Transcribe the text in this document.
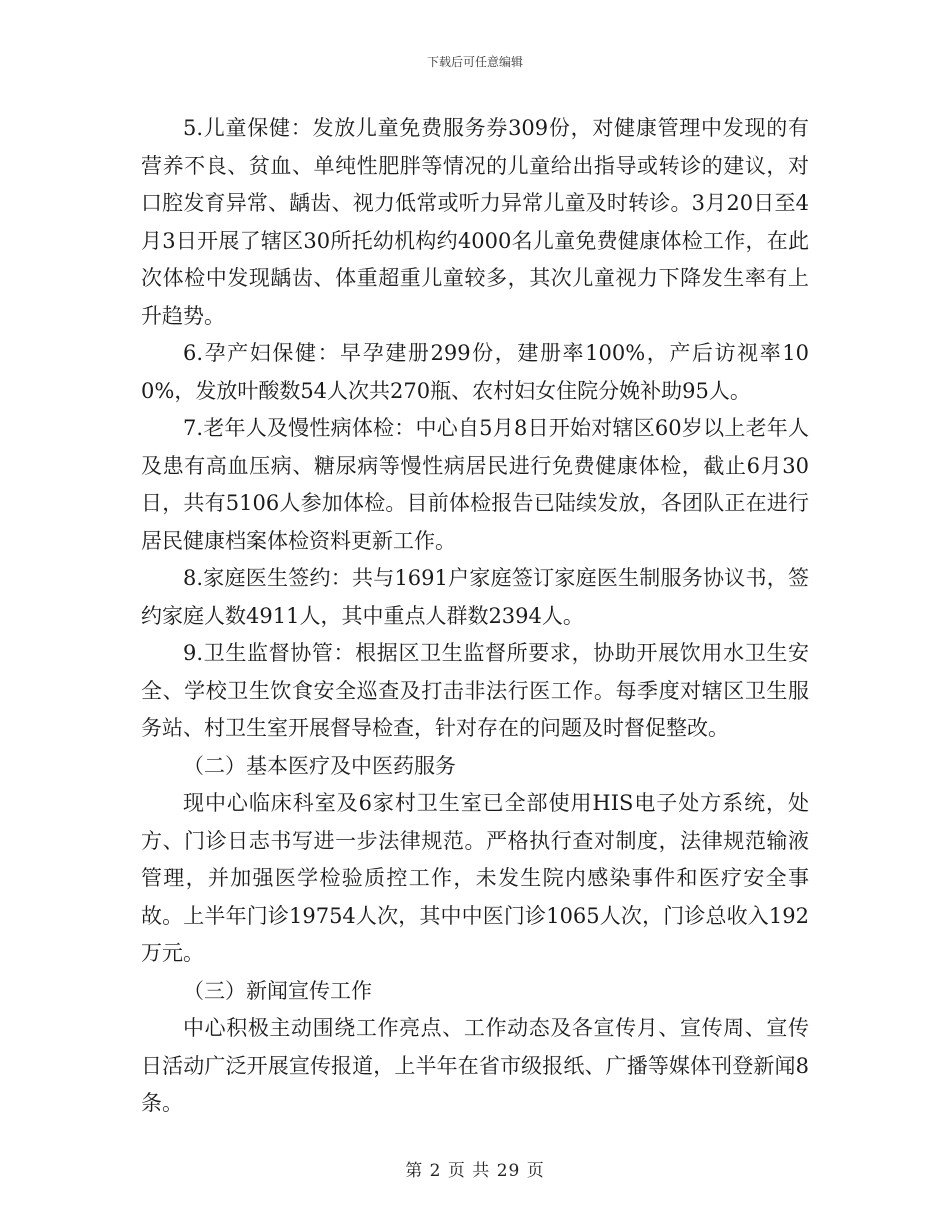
下载后可任意编辑

5.儿童保健：发放儿童免费服务券309份，对健康管理中发现的有营养不良、贫血、单纯性肥胖等情况的儿童给出指导或转诊的建议，对口腔发育异常、龋齿、视力低常或听力异常儿童及时转诊。3月20日至4月3日开展了辖区30所托幼机构约4000名儿童免费健康体检工作，在此次体检中发现龋齿、体重超重儿童较多，其次儿童视力下降发生率有上升趋势。

6.孕产妇保健：早孕建册299份，建册率100%，产后访视率100%，发放叶酸数54人次共270瓶、农村妇女住院分娩补助95人。

7.老年人及慢性病体检：中心自5月8日开始对辖区60岁以上老年人及患有高血压病、糖尿病等慢性病居民进行免费健康体检，截止6月30日，共有5106人参加体检。目前体检报告已陆续发放，各团队正在进行居民健康档案体检资料更新工作。

8.家庭医生签约：共与1691户家庭签订家庭医生制服务协议书，签约家庭人数4911人，其中重点人群数2394人。

9.卫生监督协管：根据区卫生监督所要求，协助开展饮用水卫生安全、学校卫生饮食安全巡查及打击非法行医工作。每季度对辖区卫生服务站、村卫生室开展督导检查，针对存在的问题及时督促整改。

（二）基本医疗及中医药服务

现中心临床科室及6家村卫生室已全部使用HIS电子处方系统，处方、门诊日志书写进一步法律规范。严格执行查对制度，法律规范输液管理，并加强医学检验质控工作，未发生院内感染事件和医疗安全事故。上半年门诊19754人次，其中中医门诊1065人次，门诊总收入192万元。

（三）新闻宣传工作

中心积极主动围绕工作亮点、工作动态及各宣传月、宣传周、宣传日活动广泛开展宣传报道，上半年在省市级报纸、广播等媒体刊登新闻8条。

第 2 页 共 29 页
